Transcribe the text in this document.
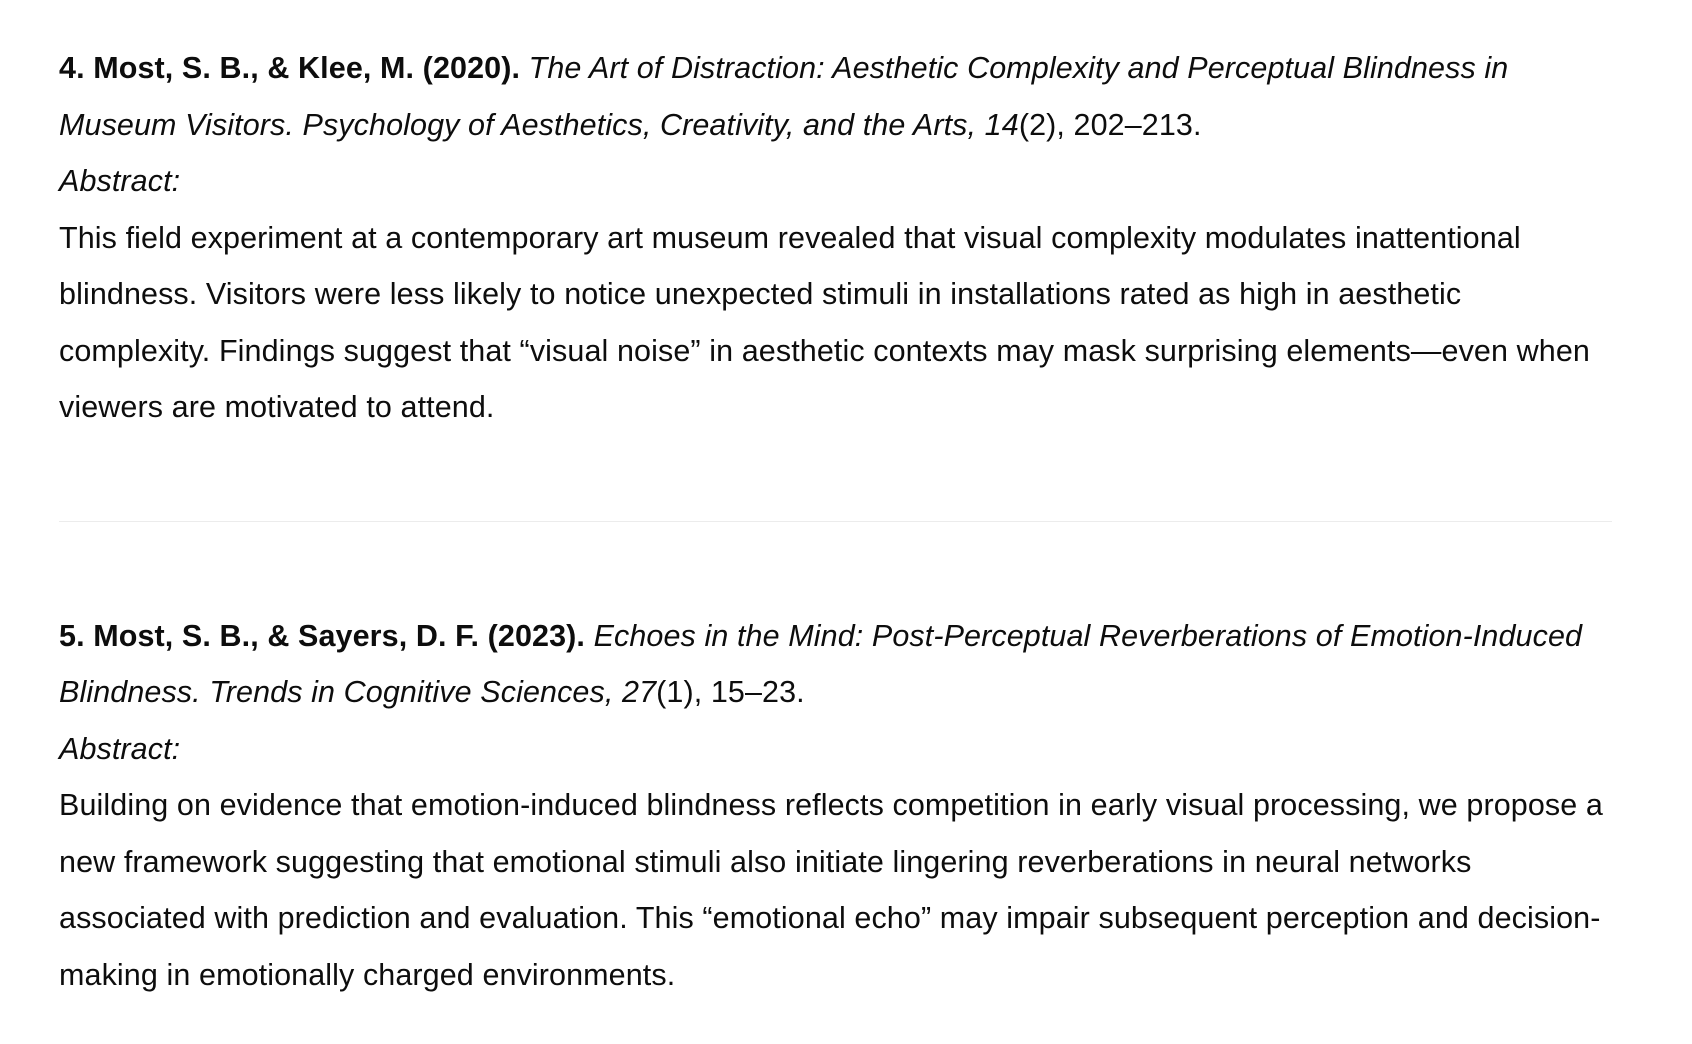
4. Most, S. B., & Klee, M. (2020). The Art of Distraction: Aesthetic Complexity and Perceptual Blindness in Museum Visitors. Psychology of Aesthetics, Creativity, and the Arts, 14(2), 202–213.
Abstract:
This field experiment at a contemporary art museum revealed that visual complexity modulates inattentional blindness. Visitors were less likely to notice unexpected stimuli in installations rated as high in aesthetic complexity. Findings suggest that “visual noise” in aesthetic contexts may mask surprising elements—even when viewers are motivated to attend.
5. Most, S. B., & Sayers, D. F. (2023). Echoes in the Mind: Post-Perceptual Reverberations of Emotion-Induced Blindness. Trends in Cognitive Sciences, 27(1), 15–23.
Abstract:
Building on evidence that emotion-induced blindness reflects competition in early visual processing, we propose a new framework suggesting that emotional stimuli also initiate lingering reverberations in neural networks associated with prediction and evaluation. This “emotional echo” may impair subsequent perception and decision-making in emotionally charged environments.
